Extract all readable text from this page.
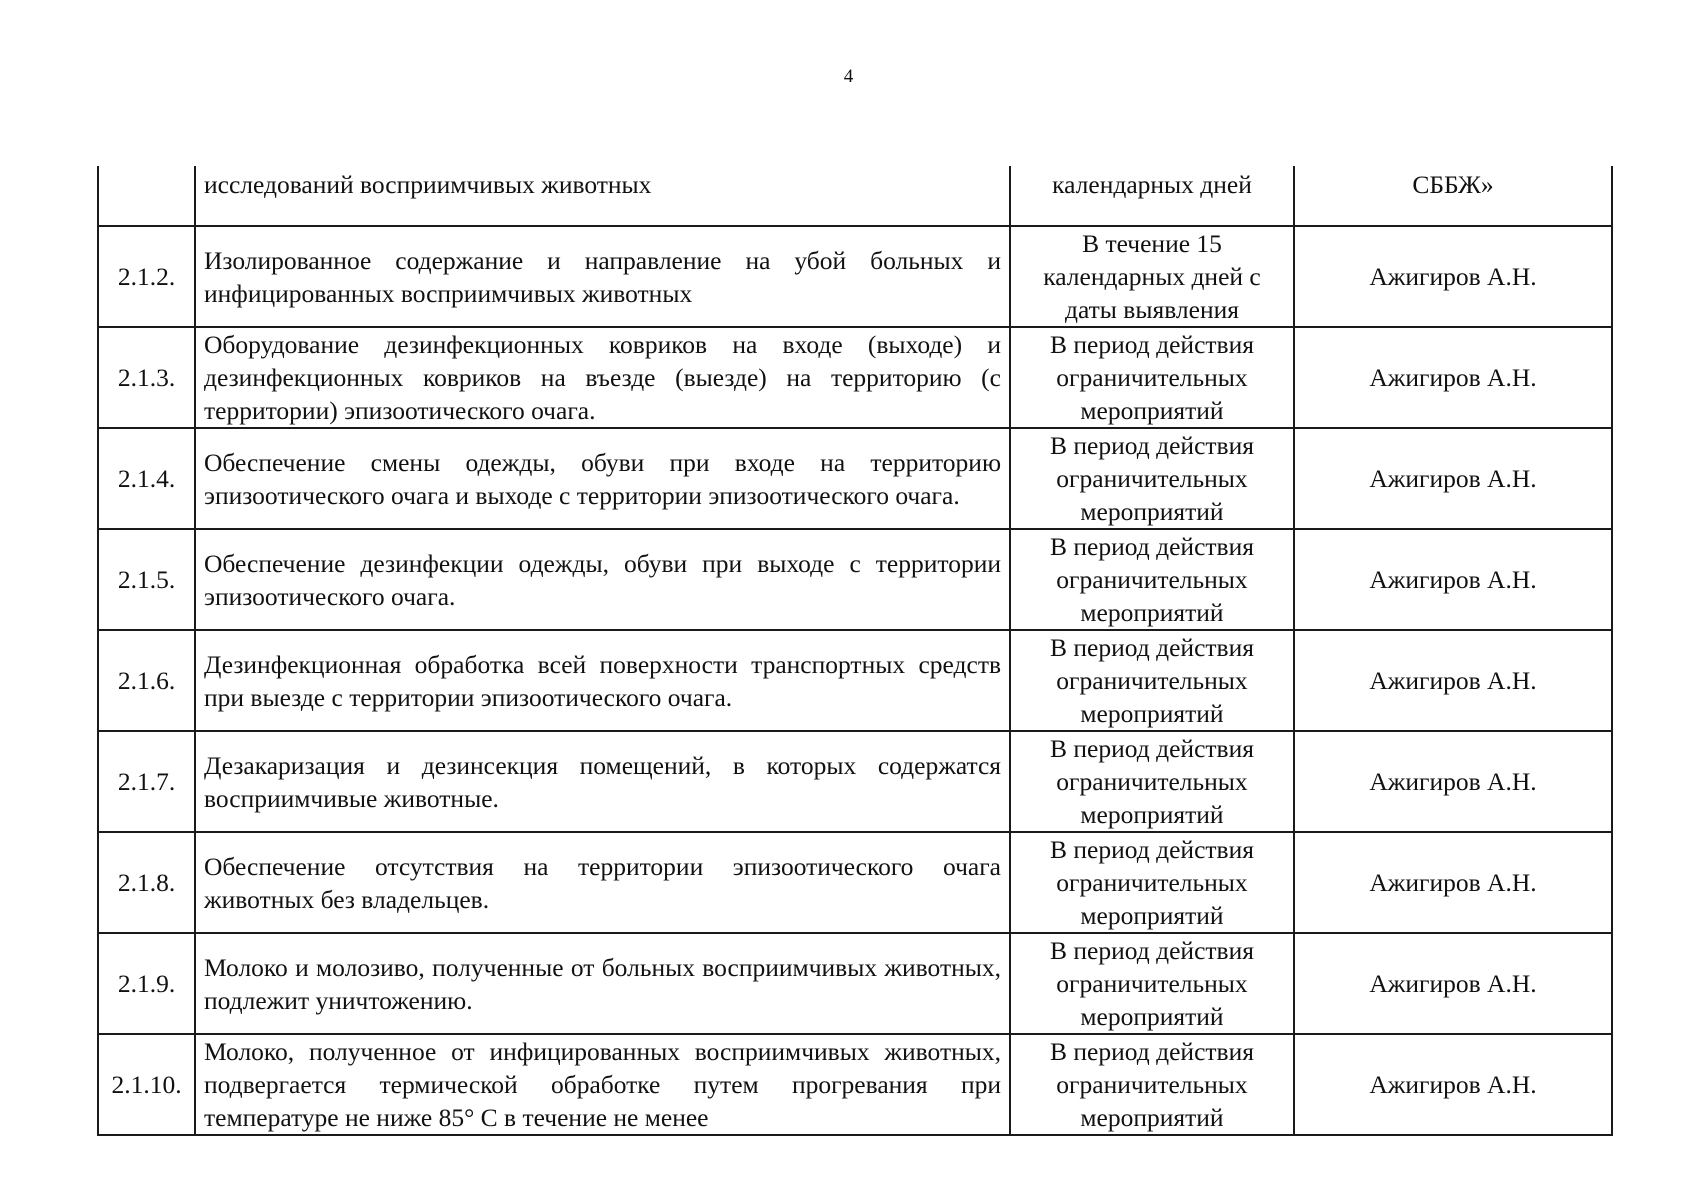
4
	исследований восприимчивых животных	календарных дней	СББЖ»
2.1.2.	Изолированное содержание и направление на убой больных и инфицированных восприимчивых животных	В течение 15
календарных дней с
даты выявления	Ажигиров А.Н.
2.1.3.	Оборудование дезинфекционных ковриков на входе (выходе) и дезинфекционных ковриков на въезде (выезде) на территорию (с территории) эпизоотического очага.	В период действия
ограничительных
мероприятий	Ажигиров А.Н.
2.1.4.	Обеспечение смены одежды, обуви при входе на территорию эпизоотического очага и выходе с территории эпизоотического очага.	В период действия
ограничительных
мероприятий	Ажигиров А.Н.
2.1.5.	Обеспечение дезинфекции одежды, обуви при выходе с территории эпизоотического очага.	В период действия
ограничительных
мероприятий	Ажигиров А.Н.
2.1.6.	Дезинфекционная обработка всей поверхности транспортных средств при выезде с территории эпизоотического очага.	В период действия
ограничительных
мероприятий	Ажигиров А.Н.
2.1.7.	Дезакаризация и дезинсекция помещений, в которых содержатся восприимчивые животные.	В период действия
ограничительных
мероприятий	Ажигиров А.Н.
2.1.8.	Обеспечение отсутствия на территории эпизоотического очага животных без владельцев.	В период действия
ограничительных
мероприятий	Ажигиров А.Н.
2.1.9.	Молоко и молозиво, полученные от больных восприимчивых животных, подлежит уничтожению.	В период действия
ограничительных
мероприятий	Ажигиров А.Н.
2.1.10.	Молоко, полученное от инфицированных восприимчивых животных, подвергается термической обработке путем прогревания при температуре не ниже 85° С в течение не менее	В период действия
ограничительных
мероприятий	Ажигиров А.Н.
